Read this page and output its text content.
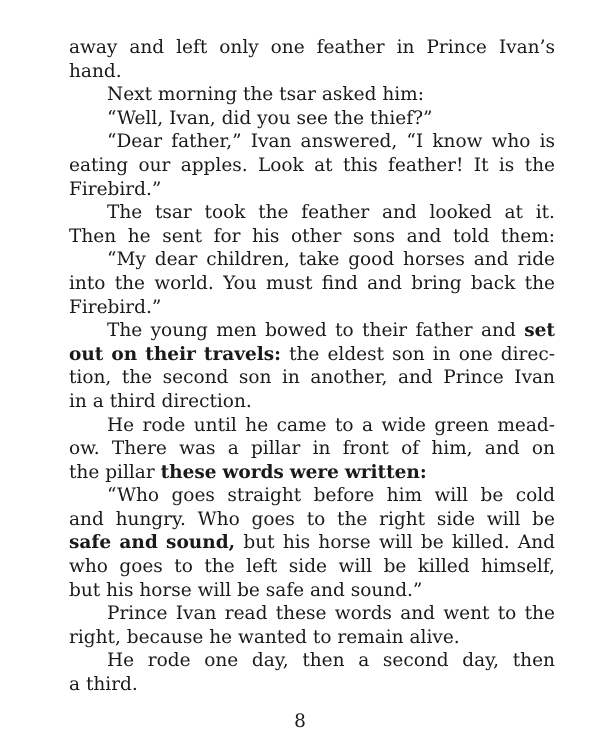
away and left only one feather in Prince Ivan’s
hand.
Next morning the tsar asked him:
“Well, Ivan, did you see the thief?”
“Dear father,” Ivan answered, “I know who is
eating our apples. Look at this feather! It is the
Firebird.”
The tsar took the feather and looked at it.
Then he sent for his other sons and told them:
“My dear children, take good horses and ride
into the world. You must find and bring back the
Firebird.”
The young men bowed to their father and set
out on their travels: the eldest son in one direc-
tion, the second son in another, and Prince Ivan
in a third direction.
He rode until he came to a wide green mead-
ow. There was a pillar in front of him, and on
the pillar these words were written:
“Who goes straight before him will be cold
and hungry. Who goes to the right side will be
safe and sound, but his horse will be killed. And
who goes to the left side will be killed himself,
but his horse will be safe and sound.”
Prince Ivan read these words and went to the
right, because he wanted to remain alive.
He rode one day, then a second day, then
a third.
8
